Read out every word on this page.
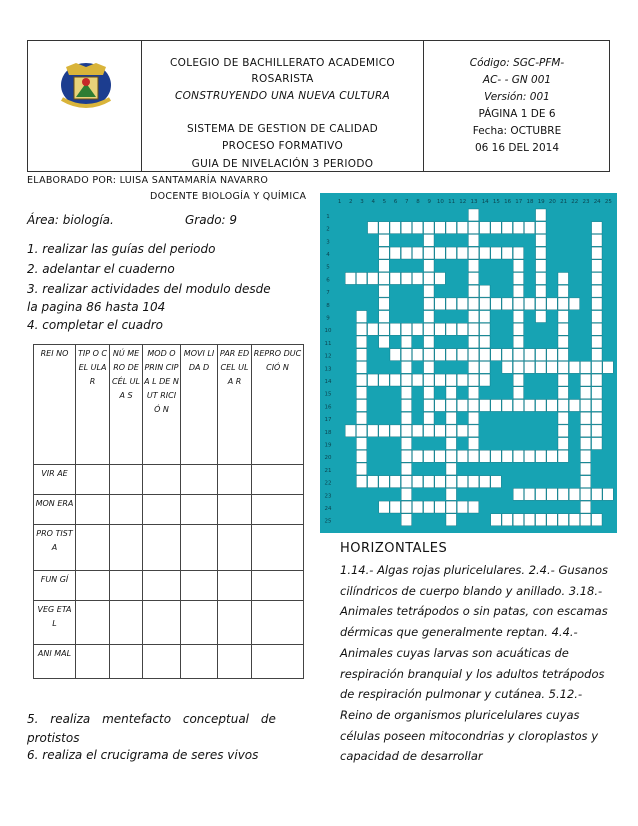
COLEGIO DE BACHILLERATO ACADEMICO
ROSARISTA
CONSTRUYENDO UNA NUEVA CULTURA
SISTEMA DE GESTION DE CALIDAD
PROCESO FORMATIVO
GUIA DE NIVELACIÓN 3 PERIODO
Código: SGC-PFM-
AC- - GN 001
Versión: 001
PÁGINA 1 DE 6
Fecha: OCTUBRE
06 16 DEL 2014
ELABORADO POR: LUISA SANTAMARÍA NAVARRO
DOCENTE BIOLOGÍA Y QUÍMICA
Área: biología.	Grado: 9
1. realizar las guías del periodo
2. adelantar el cuaderno
3. realizar actividades del modulo desde
la pagina 86 hasta 104
4. completar el cuadro
REI NO	TIP O CEL ULA R	NÚ ME RO DE CÉL ULA S	MOD O PRIN CIPA L DE NUT RICIÓ N	MOVI LIDA D	PAR ED CEL ULA R	REPRO DUCCIÓ N
VIR AE						
MON ERA						
PRO TIST A						
FUN GÍ						
VEG ETA L						
ANI MAL						
5. realiza mentefacto conceptual de
protistos
6. realiza el crucigrama de seres vivos
1 2 3 4 5 6 7 8 9 10 11 12 13 14 15 16 17 18 19 20 21 22 23 24 25
1
2
3
4
5
6
7
8
9
10
11
12
13
14
15
16
17
18
19
20
21
22
23
24
25
HORIZONTALES
1.14.- Algas rojas pluricelulares. 2.4.- Gusanos cilíndricos de cuerpo blando y anillado. 3.18.- Animales tetrápodos o sin patas, con escamas dérmicas que generalmente reptan. 4.4.- Animales cuyas larvas son acuáticas de respiración branquial y los adultos tetrápodos de respiración pulmonar y cutánea. 5.12.- Reino de organismos pluricelulares cuyas células poseen mitocondrias y cloroplastos y capacidad de desarrollar
